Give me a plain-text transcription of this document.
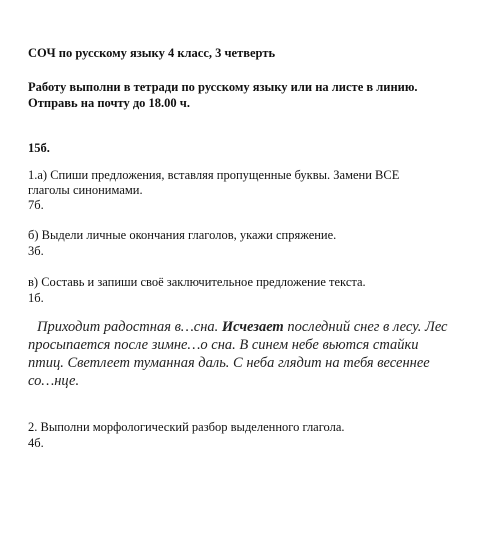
СОЧ по русскому языку 4 класс, 3 четверть
Работу выполни в тетради по русскому языку или на листе в линию.
Отправь на почту до 18.00 ч.
15б.
1.а) Спиши предложения, вставляя пропущенные буквы. Замени ВСЕ
глаголы синонимами.
7б.
б) Выдели личные окончания глаголов, укажи спряжение.
3б.
в) Составь и запиши своё заключительное предложение текста.
1б.
Приходит радостная в…сна. Исчезает последний снег в лесу. Лес
просыпается после зимне…о сна. В синем небе вьются стайки
птиц. Светлеет туманная даль. С неба глядит на тебя весеннее
со…нце.
2. Выполни морфологический разбор выделенного глагола.
4б.
